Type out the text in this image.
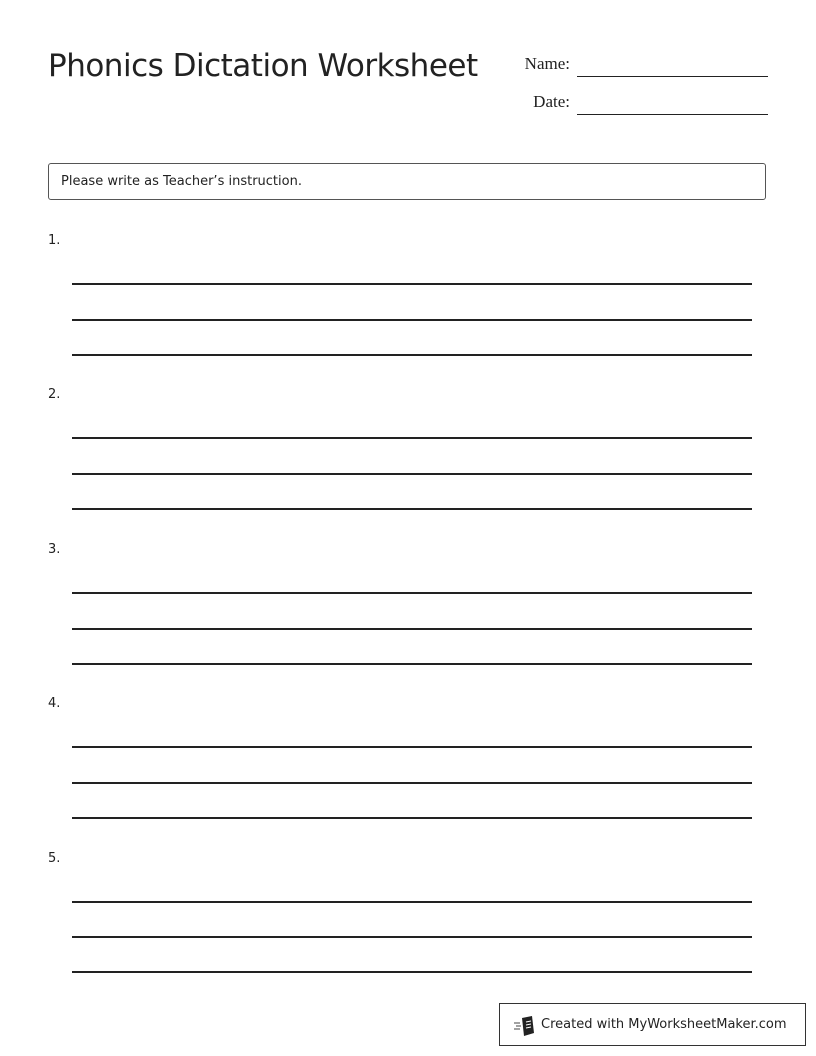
Phonics Dictation Worksheet	Name:
Date:
Please write as Teacher’s instruction.
1.
2.
3.
4.
5.
Created with MyWorksheetMaker.com
